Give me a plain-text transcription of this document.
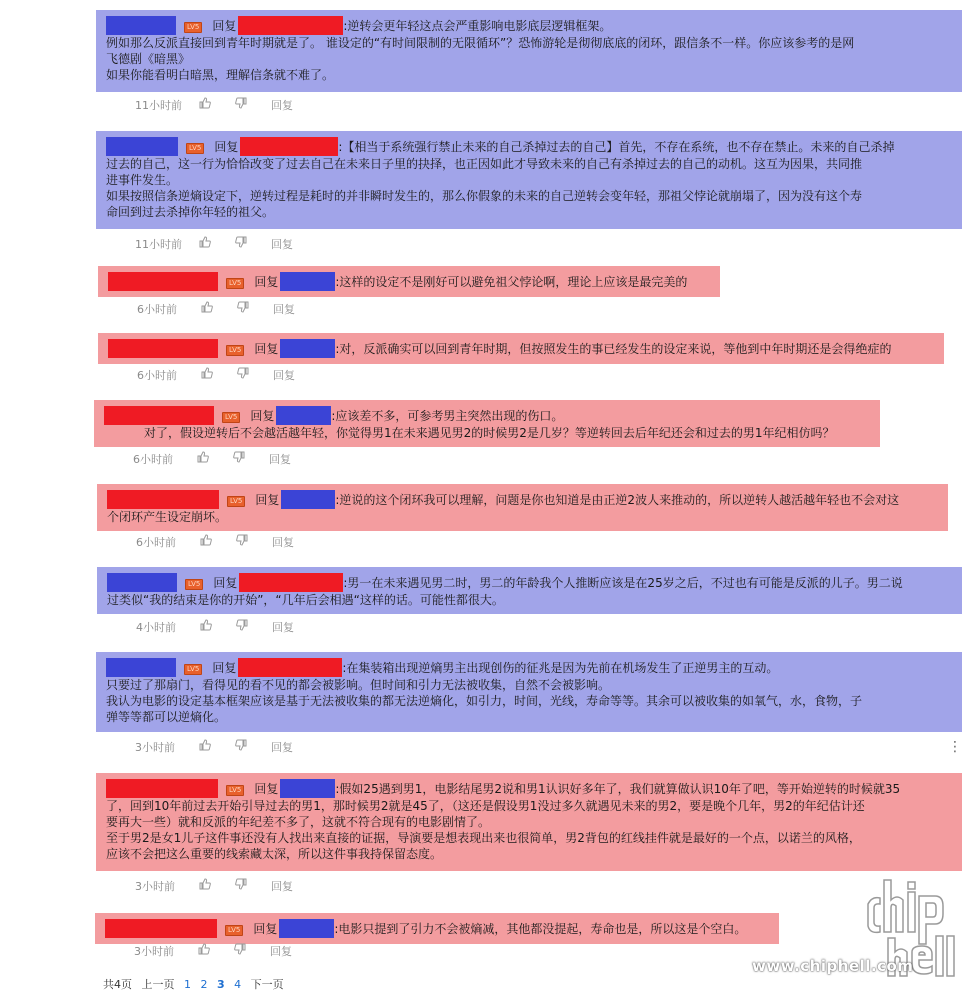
LV5 回复	:逆转会更年轻这点会严重影响电影底层逻辑框架。
例如那么反派直接回到青年时期就是了。 谁设定的“有时间限制的无限循环”？恐怖游轮是彻彻底底的闭环，跟信条不一样。你应该参考的是网
飞德剧《暗黑》
如果你能看明白暗黑，理解信条就不难了。
11小时前	回复
LV5 回复	:【相当于系统强行禁止未来的自己杀掉过去的自己】首先，不存在系统，也不存在禁止。未来的自己杀掉
过去的自己，这一行为恰恰改变了过去自己在未来日子里的抉择，也正因如此才导致未来的自己有杀掉过去的自己的动机。这互为因果，共同推
进事件发生。
如果按照信条逆熵设定下，逆转过程是耗时的并非瞬时发生的，那么你假象的未来的自己逆转会变年轻，那祖父悖论就崩塌了，因为没有这个寿
命回到过去杀掉你年轻的祖父。
11小时前	回复
LV5 回复	:这样的设定不是刚好可以避免祖父悖论啊，理论上应该是最完美的
6小时前	回复
LV5 回复	:对，反派确实可以回到青年时期，但按照发生的事已经发生的设定来说，等他到中年时期还是会得绝症的
6小时前	回复
LV5 回复	:应该差不多，可参考男主突然出现的伤口。
对了，假设逆转后不会越活越年轻，你觉得男1在未来遇见男2的时候男2是几岁？等逆转回去后年纪还会和过去的男1年纪相仿吗？
6小时前	回复
LV5 回复	:逆说的这个闭环我可以理解，问题是你也知道是由正逆2波人来推动的，所以逆转人越活越年轻也不会对这
个闭环产生设定崩坏。
6小时前	回复
LV5 回复	:男一在未来遇见男二时，男二的年龄我个人推断应该是在25岁之后，不过也有可能是反派的儿子。男二说
过类似“我的结束是你的开始”，“几年后会相遇“这样的话。可能性都很大。
4小时前	回复
LV5 回复	:在集装箱出现逆熵男主出现创伤的征兆是因为先前在机场发生了正逆男主的互动。
只要过了那扇门，看得见的看不见的都会被影响。但时间和引力无法被收集，自然不会被影响。
我认为电影的设定基本框架应该是基于无法被收集的都无法逆熵化，如引力，时间，光线，寿命等等。其余可以被收集的如氧气，水，食物，子
弹等等都可以逆熵化。
3小时前	回复	⋮
LV5 回复	:假如25遇到男1，电影结尾男2说和男1认识好多年了，我们就算做认识10年了吧，等开始逆转的时候就35
了，回到10年前过去开始引导过去的男1，那时候男2就是45了，（这还是假设男1没过多久就遇见未来的男2，要是晚个几年，男2的年纪估计还
要再大一些）就和反派的年纪差不多了，这就不符合现有的电影剧情了。
至于男2是女1儿子这件事还没有人找出来直接的证据，导演要是想表现出来也很简单，男2背包的红线挂件就是最好的一个点，以诺兰的风格，
应该不会把这么重要的线索藏太深，所以这件事我持保留态度。
3小时前	回复
LV5 回复	:电影只提到了引力不会被熵减，其他都没提起，寿命也是，所以这是个空白。
3小时前	回复
共4页 上一页 1 2 3 4 下一页
www.chiphell.com
